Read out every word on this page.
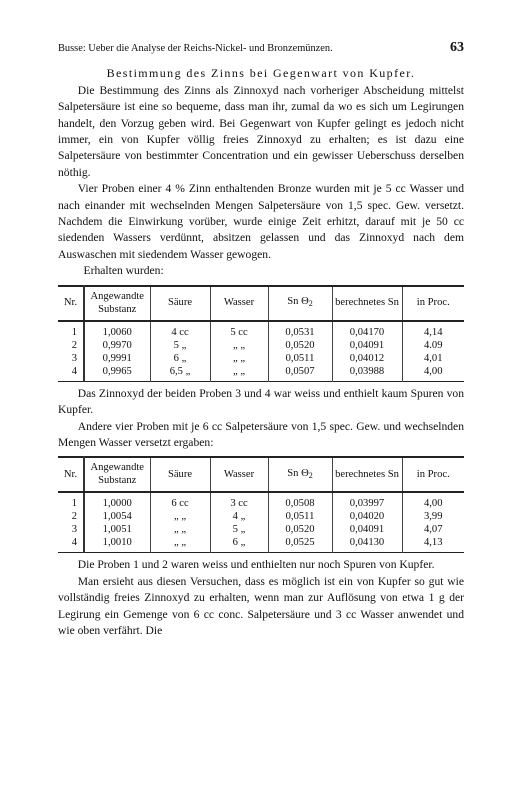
Busse: Ueber die Analyse der Reichs-Nickel- und Bronzemünzen.	63
Bestimmung des Zinns bei Gegenwart von Kupfer.

Die Bestimmung des Zinns als Zinnoxyd nach vorheriger Abscheidung mittelst Salpetersäure ist eine so bequeme, dass man ihr, zumal da wo es sich um Legirungen handelt, den Vorzug geben wird. Bei Gegenwart von Kupfer gelingt es jedoch nicht immer, ein von Kupfer völlig freies Zinnoxyd zu erhalten; es ist dazu eine Salpetersäure von bestimmter Concentration und ein gewisser Ueberschuss derselben nöthig.

Vier Proben einer 4 % Zinn enthaltenden Bronze wurden mit je 5 cc Wasser und nach einander mit wechselnden Mengen Salpetersäure von 1,5 spec. Gew. versetzt. Nachdem die Einwirkung vorüber, wurde einige Zeit erhitzt, darauf mit je 50 cc siedenden Wassers verdünnt, absitzen gelassen und das Zinnoxyd nach dem Auswaschen mit siedendem Wasser gewogen.

Erhalten wurden:

Nr.	Angewandte Substanz	Säure	Wasser	Sn $\Theta_2$	berechnetes Sn	in Proc.
1	1,0060	4 cc	5 cc	0,0531	0,04170	4,14
2	0,9970	5 „	„ „	0,0520	0,04091	4.09
3	0,9991	6 „	„ „	0,0511	0,04012	4,01
4	0,9965	6,5 „	„ „	0,0507	0,03988	4,00

Das Zinnoxyd der beiden Proben 3 und 4 war weiss und enthielt kaum Spuren von Kupfer.

Andere vier Proben mit je 6 cc Salpetersäure von 1,5 spec. Gew. und wechselnden Mengen Wasser versetzt ergaben:

Nr.	Angewandte Substanz	Säure	Wasser	Sn $\Theta_2$	berechnetes Sn	in Proc.
1	1,0000	6 cc	3 cc	0,0508	0,03997	4,00
2	1,0054	„ „	4 „	0,0511	0,04020	3,99
3	1,0051	„ „	5 „	0,0520	0,04091	4,07
4	1,0010	„ „	6 „	0,0525	0,04130	4,13

Die Proben 1 und 2 waren weiss und enthielten nur noch Spuren von Kupfer.

Man ersieht aus diesen Versuchen, dass es möglich ist ein von Kupfer so gut wie vollständig freies Zinnoxyd zu erhalten, wenn man zur Auflösung von etwa 1 g der Legirung ein Gemenge von 6 cc conc. Salpetersäure und 3 cc Wasser anwendet und wie oben verfährt. Die
